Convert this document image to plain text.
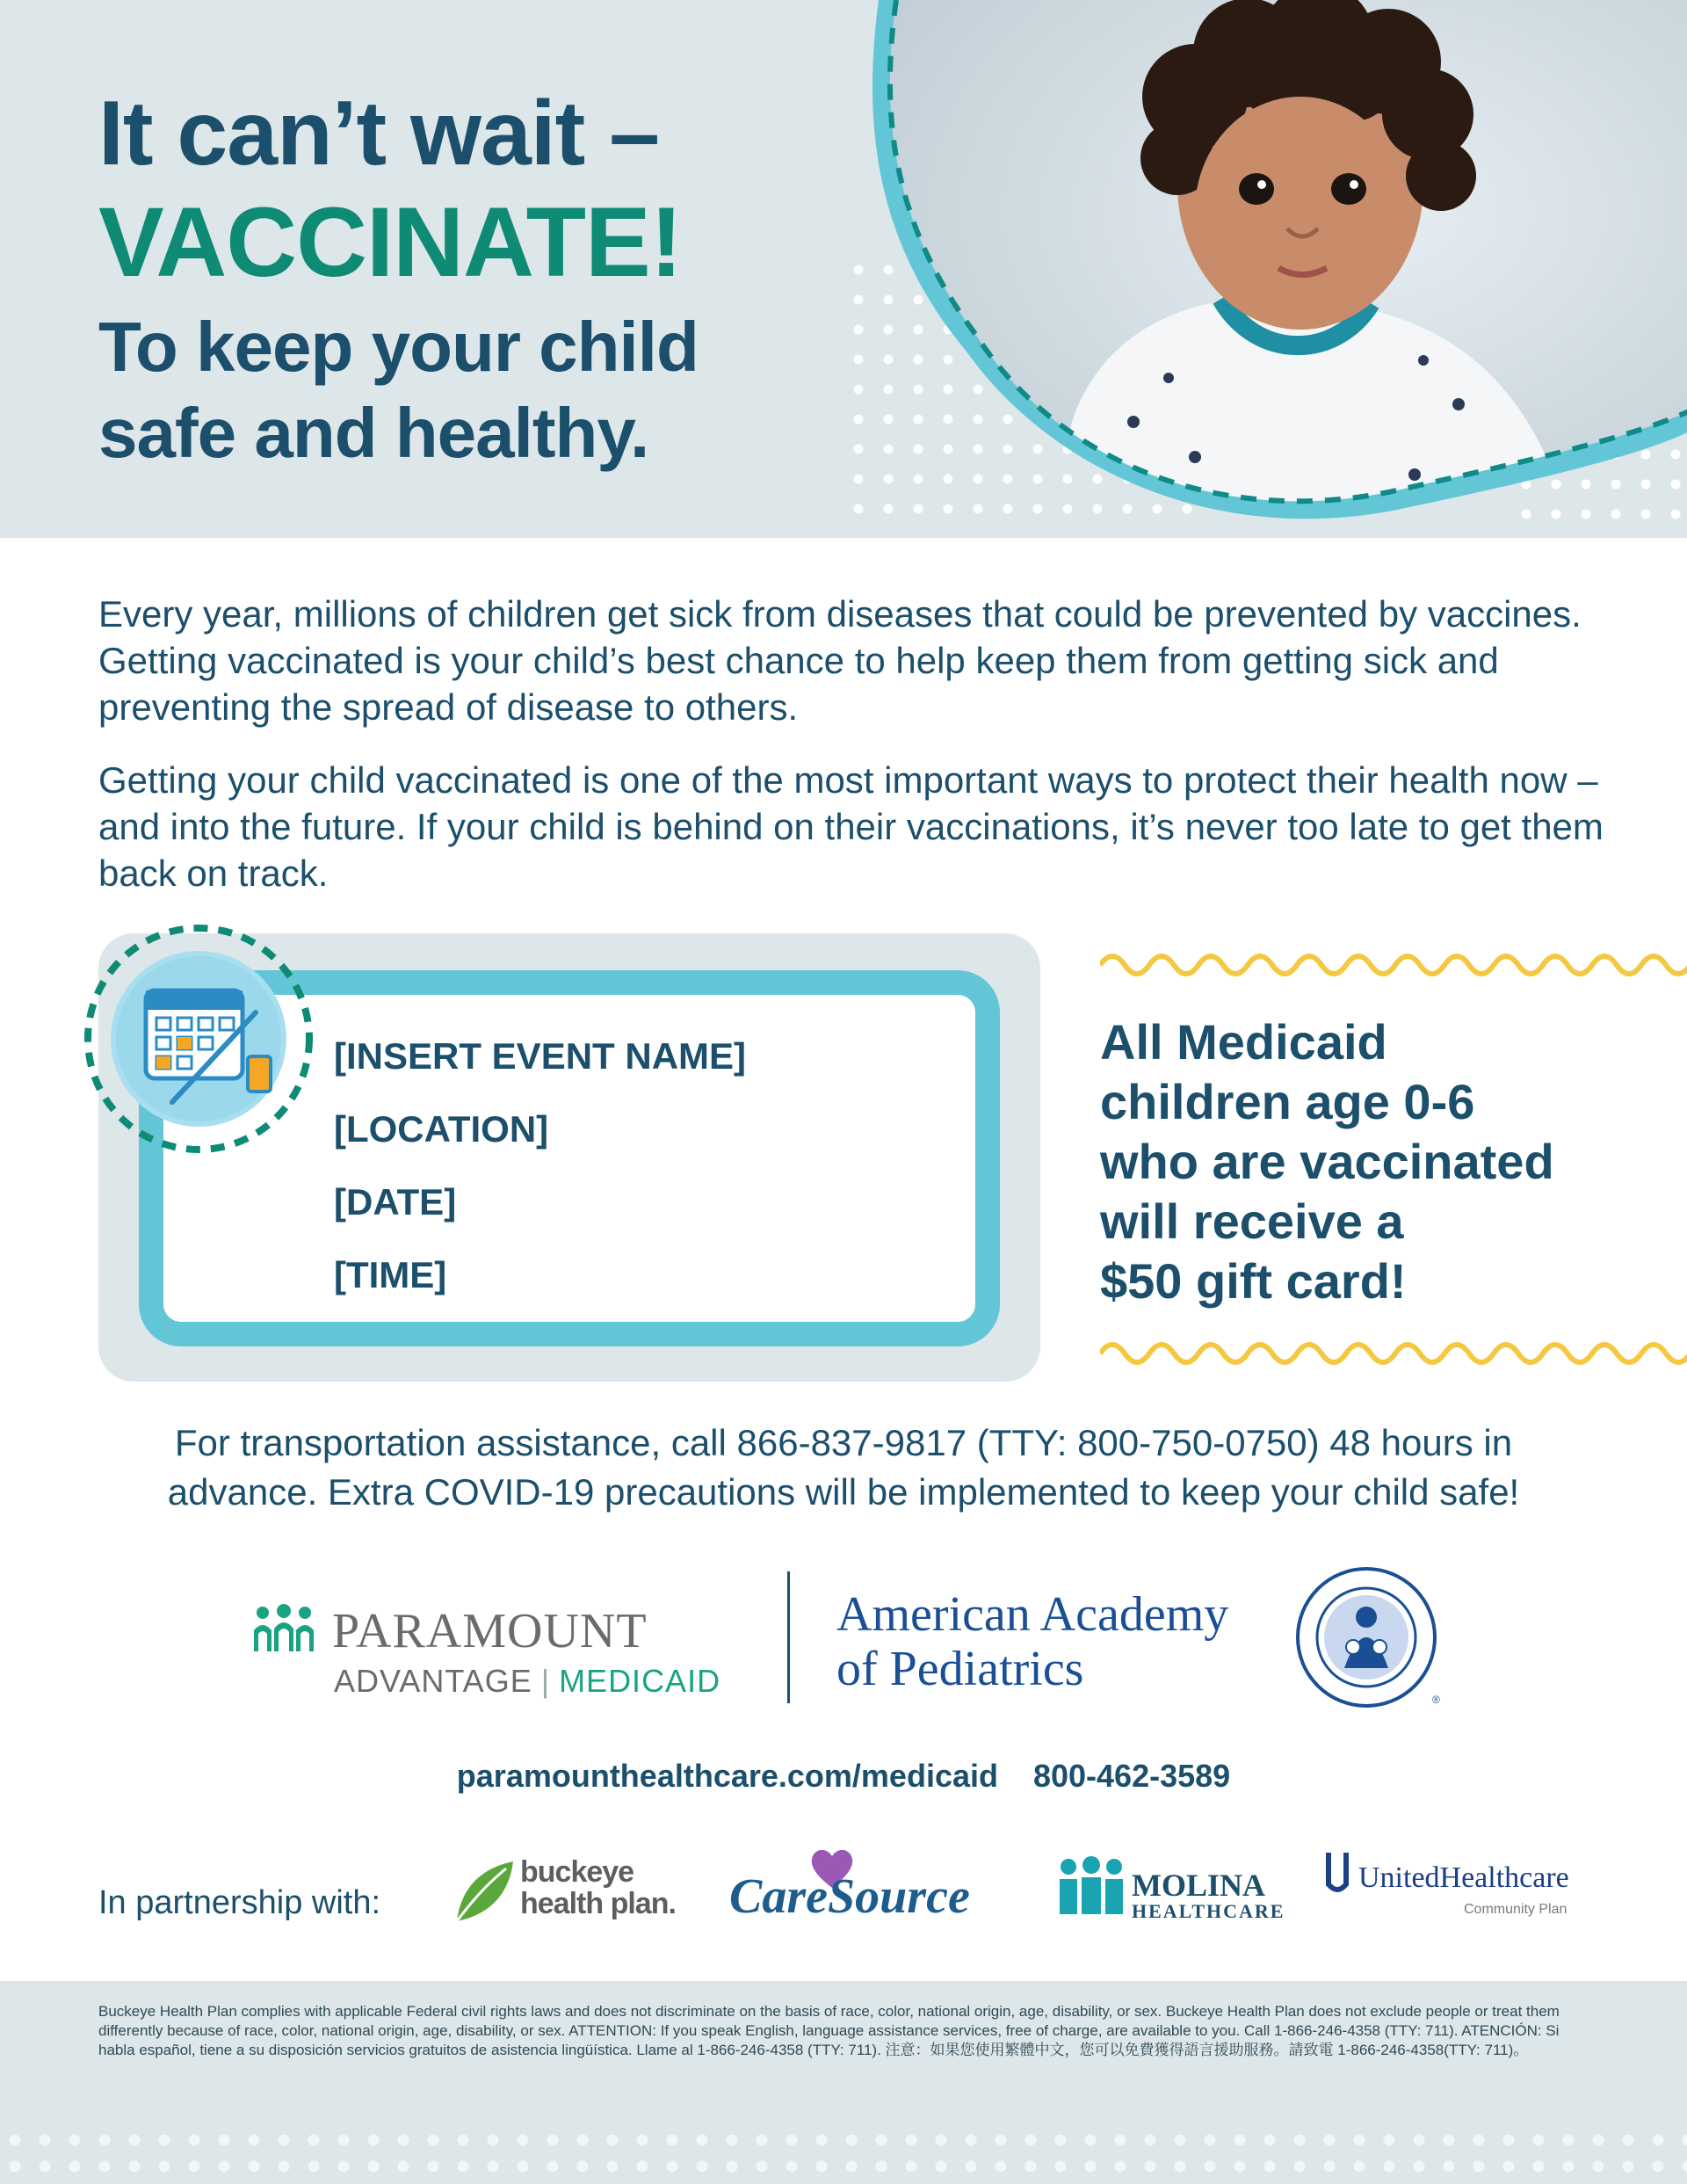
It can’t wait –
VACCINATE!
To keep your child
safe and healthy.

Every year, millions of children get sick from diseases that could be prevented by vaccines. Getting vaccinated is your child’s best chance to help keep them from getting sick and preventing the spread of disease to others.

Getting your child vaccinated is one of the most important ways to protect their health now – and into the future. If your child is behind on their vaccinations, it’s never too late to get them back on track.

[INSERT EVENT NAME]
[LOCATION]
[DATE]
[TIME]
All Medicaid
children age 0-6
who are vaccinated
will receive a
$50 gift card!
For transportation assistance, call 866-837-9817 (TTY: 800-750-0750) 48 hours in
advance. Extra COVID-19 precautions will be implemented to keep your child safe!
PARAMOUNT
ADVANTAGE | MEDICAID
American Academy
of Pediatrics
®
paramounthealthcare.com/medicaid 800-462-3589
In partnership with:
buckeye
health plan. CareSource	MOLINA
HEALTHCARE
UnitedHealthcare
Community Plan
Buckeye Health Plan complies with applicable Federal civil rights laws and does not discriminate on the basis of race, color, national origin, age, disability, or sex. Buckeye Health Plan does not exclude people or treat them differently because of race, color, national origin, age, disability, or sex. ATTENTION: If you speak English, language assistance services, free of charge, are available to you. Call 1-866-246-4358 (TTY: 711). ATENCIÓN: Si habla español, tiene a su disposición servicios gratuitos de asistencia lingüística. Llame al 1-866-246-4358 (TTY: 711). 注意：如果您使用繁體中文，您可以免費獲得語言援助服務。請致電 1-866-246-4358(TTY: 711)。
